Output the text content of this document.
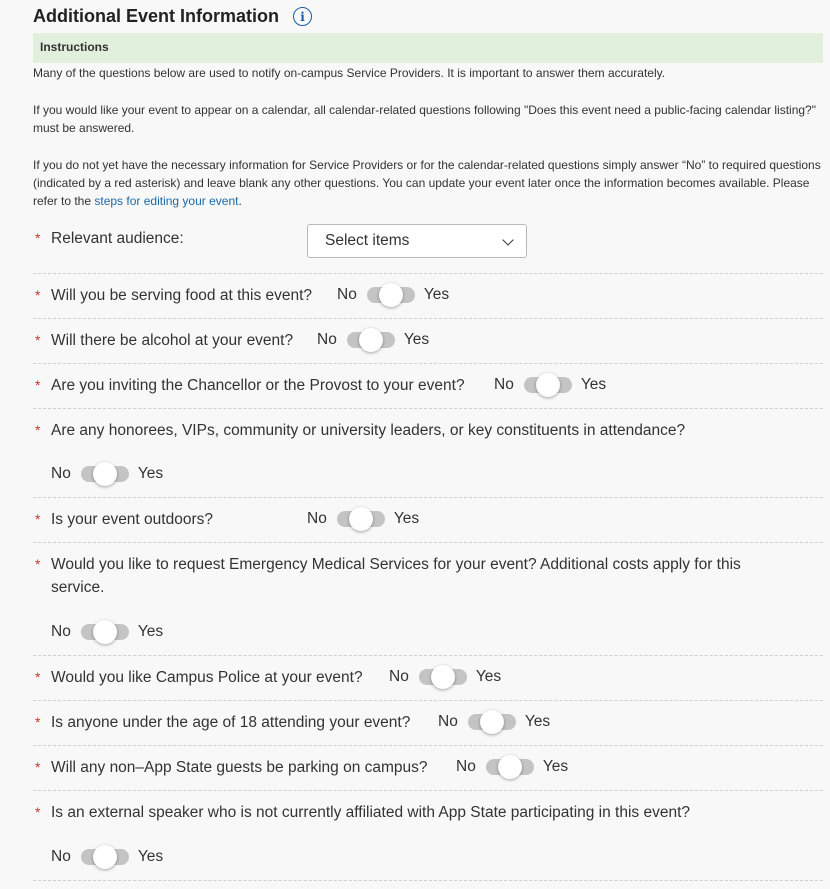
Additional Event Information	i
Instructions
Many of the questions below are used to notify on-campus Service Providers. It is important to answer them accurately.
If you would like your event to appear on a calendar, all calendar-related questions following "Does this event need a public-facing calendar listing?" must be answered.
If you do not yet have the necessary information for Service Providers or for the calendar-related questions simply answer “No” to required questions (indicated by a red asterisk) and leave blank any other questions. You can update your event later once the information becomes available. Please refer to the steps for editing your event.
* Relevant audience:	Select items
* Will you be serving food at this event? No	Yes
* Will there be alcohol at your event? No	Yes
* Are you inviting the Chancellor or the Provost to your event? No	Yes
* Are any honorees, VIPs, community or university leaders, or key constituents in attendance?
No	Yes
* Is your event outdoors?	No	Yes
* Would you like to request Emergency Medical Services for your event? Additional costs apply for this service.
No	Yes
* Would you like Campus Police at your event? No	Yes
* Is anyone under the age of 18 attending your event? No	Yes
* Will any non–App State guests be parking on campus? No	Yes
* Is an external speaker who is not currently affiliated with App State participating in this event?
No	Yes
